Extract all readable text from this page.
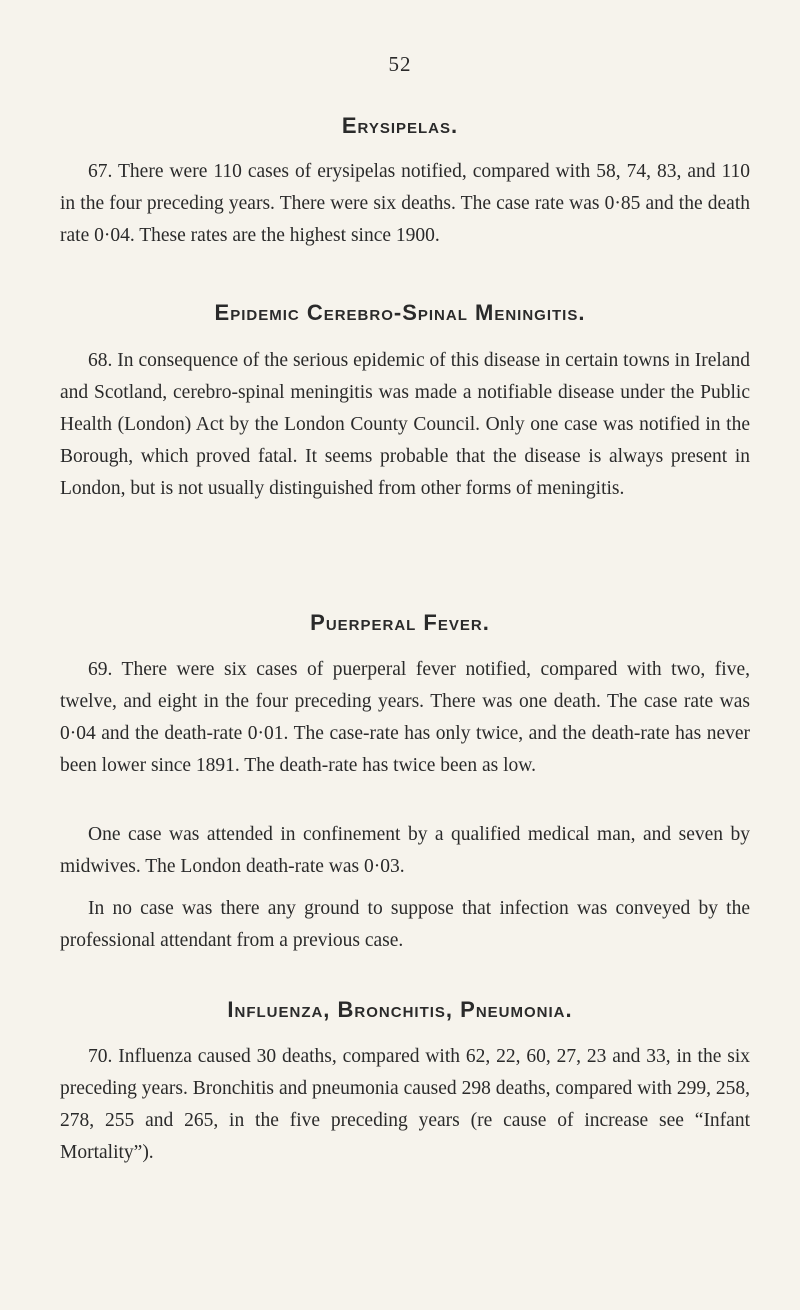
52
Erysipelas.

67. There were 110 cases of erysipelas notified, compared with 58, 74, 83, and 110 in the four preceding years. There were six deaths. The case rate was 0·85 and the death rate 0·04. These rates are the highest since 1900.

Epidemic Cerebro-Spinal Meningitis.

68. In consequence of the serious epidemic of this disease in certain towns in Ireland and Scotland, cerebro-spinal meningitis was made a notifiable disease under the Public Health (London) Act by the London County Council. Only one case was notified in the Borough, which proved fatal. It seems probable that the disease is always present in London, but is not usually distinguished from other forms of meningitis.

Puerperal Fever.

69. There were six cases of puerperal fever notified, compared with two, five, twelve, and eight in the four preceding years. There was one death. The case rate was 0·04 and the death-rate 0·01. The case-rate has only twice, and the death-rate has never been lower since 1891. The death-rate has twice been as low.

One case was attended in confinement by a qualified medical man, and seven by midwives. The London death-rate was 0·03.

In no case was there any ground to suppose that infection was conveyed by the professional attendant from a previous case.

Influenza, Bronchitis, Pneumonia.

70. Influenza caused 30 deaths, compared with 62, 22, 60, 27, 23 and 33, in the six preceding years. Bronchitis and pneumonia caused 298 deaths, compared with 299, 258, 278, 255 and 265, in the five preceding years (re cause of increase see “Infant Mortality”).
